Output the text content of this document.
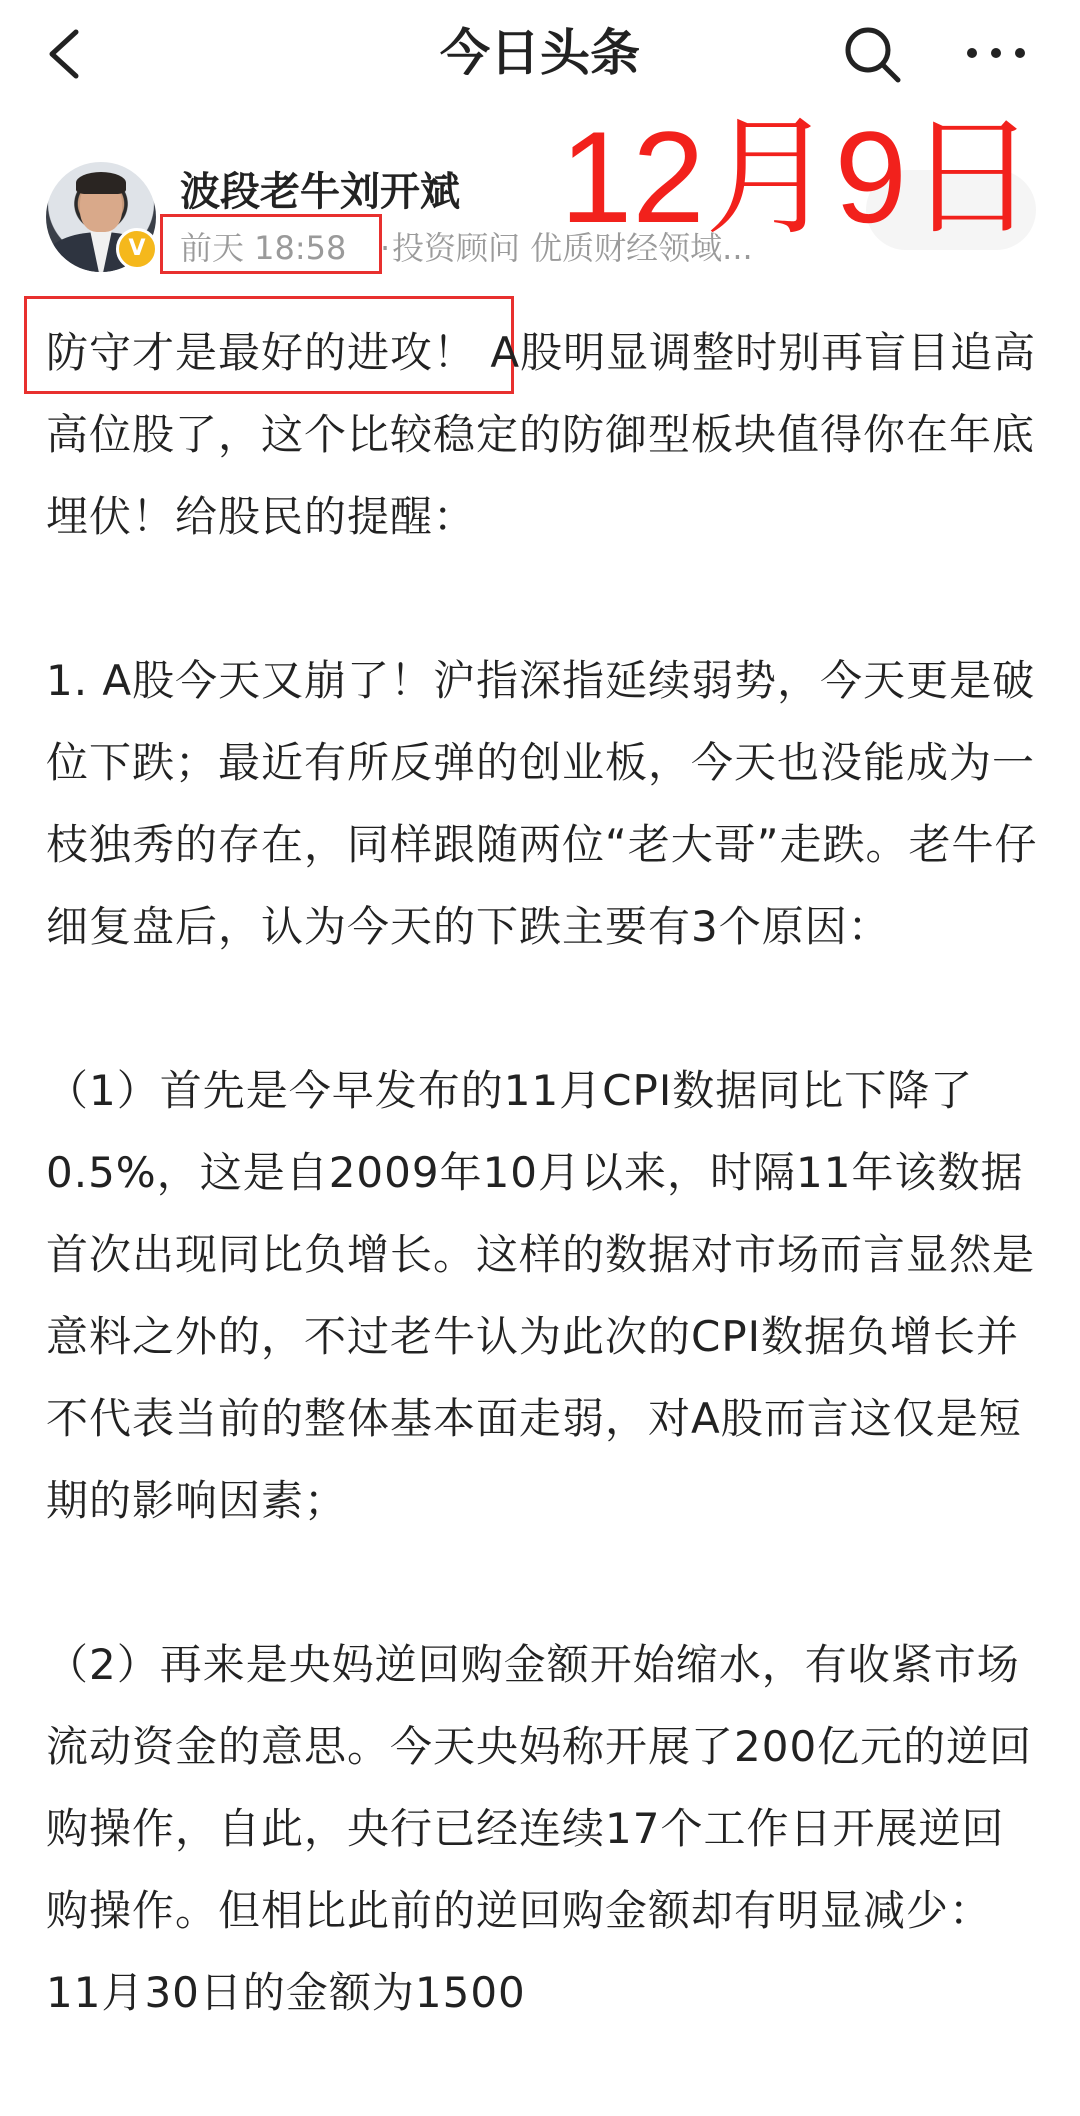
今日头条
12月9日
V
波段老牛刘开斌
前天 18:58 · 投资顾问 优质财经领域...

防守才是最好的进攻！ A股明显调整时别再盲目追高高位股了，这个比较稳定的防御型板块值得你在年底埋伏！给股民的提醒：

1. A股今天又崩了！沪指深指延续弱势，今天更是破位下跌；最近有所反弹的创业板，今天也没能成为一枝独秀的存在，同样跟随两位“老大哥”走跌。老牛仔细复盘后，认为今天的下跌主要有3个原因：

（1）首先是今早发布的11月CPI数据同比下降了0.5%，这是自2009年10月以来，时隔11年该数据首次出现同比负增长。这样的数据对市场而言显然是意料之外的，不过老牛认为此次的CPI数据负增长并不代表当前的整体基本面走弱，对A股而言这仅是短期的影响因素；

（2）再来是央妈逆回购金额开始缩水，有收紧市场流动资金的意思。今天央妈称开展了200亿元的逆回购操作，自此，央行已经连续17个工作日开展逆回购操作。但相比此前的逆回购金额却有明显减少：11月30日的金额为1500
